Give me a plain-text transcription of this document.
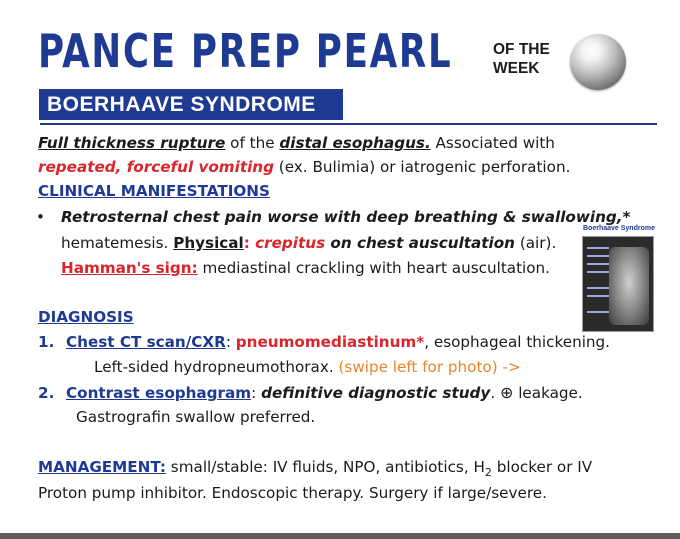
PANCE PREP PEARL	OF THE
WEEK
BOERHAAVE SYNDROME
Full thickness rupture of the distal esophagus. Associated with
repeated, forceful vomiting (ex. Bulimia) or iatrogenic perforation.
CLINICAL MANIFESTATIONS
• Retrosternal chest pain worse with deep breathing & swallowing,*
hematemesis. Physical: crepitus on chest auscultation (air).
Hamman's sign: mediastinal crackling with heart auscultation.
Boerhaave Syndrome
DIAGNOSIS
1. Chest CT scan/CXR: pneumomediastinum*, esophageal thickening.
Left-sided hydropneumothorax. (swipe left for photo) ->
2. Contrast esophagram: definitive diagnostic study. ⊕ leakage.
Gastrografin swallow preferred.
MANAGEMENT: small/stable: IV fluids, NPO, antibiotics, $H_2$ blocker or IV
Proton pump inhibitor. Endoscopic therapy. Surgery if large/severe.
